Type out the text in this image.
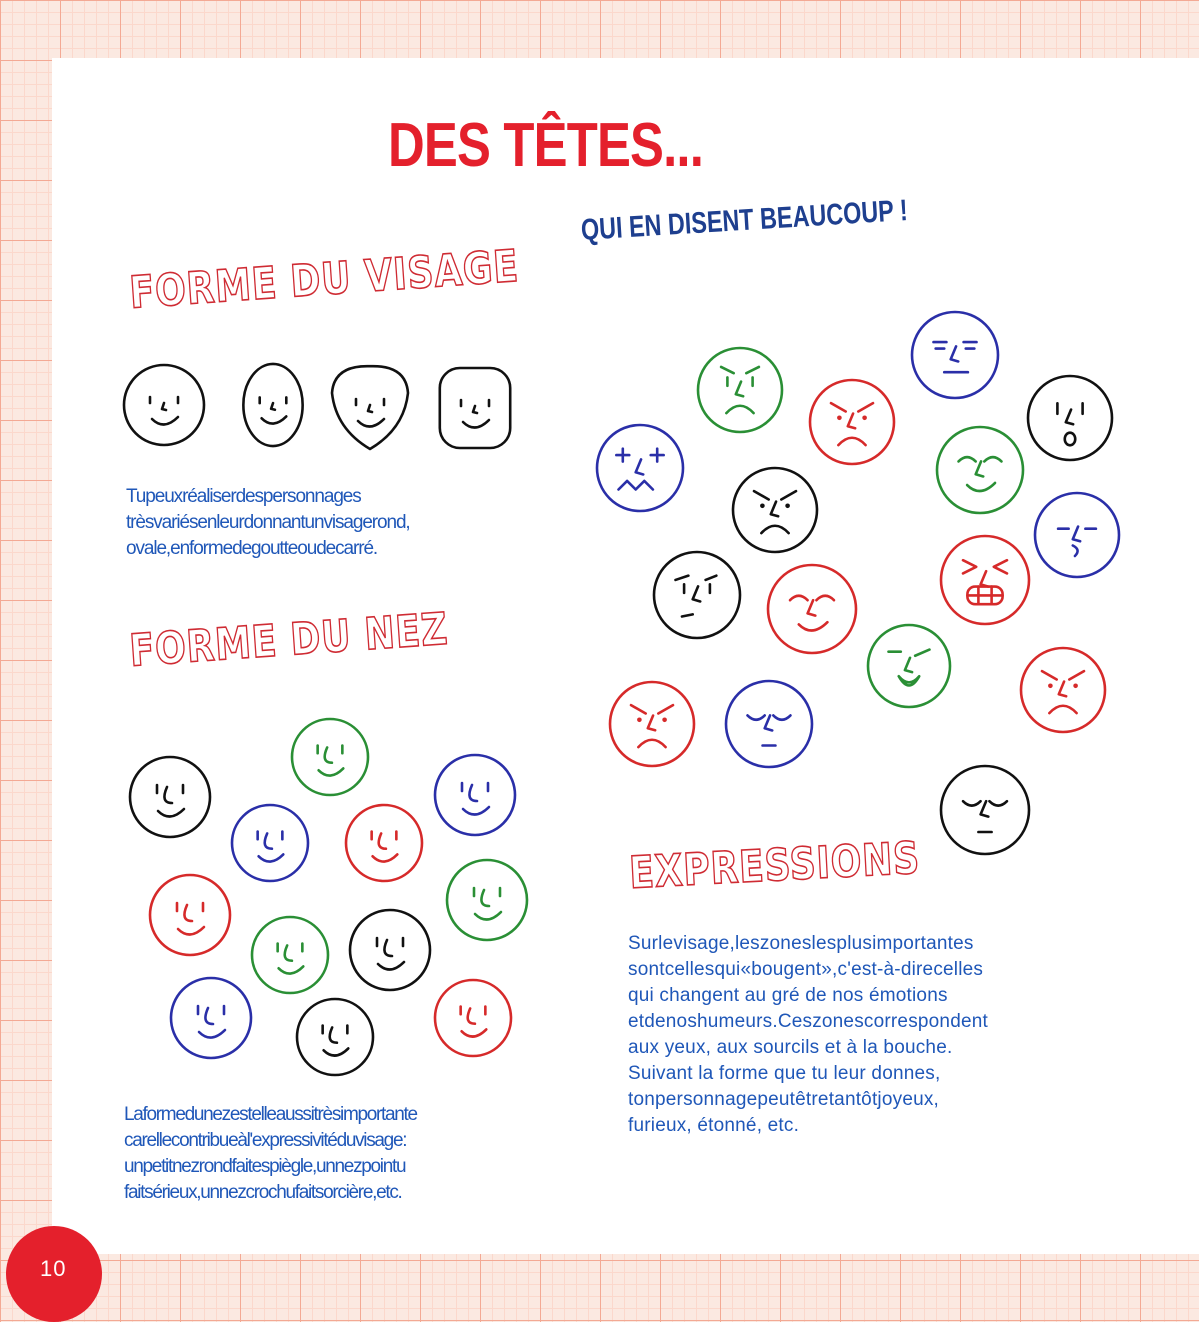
DES TÊTES...
QUI EN DISENT BEAUCOUP !
FORME DU VISAGE
FORME DU NEZ
EXPRESSIONS

Tupeuxréaliserdespersonnages
trèsvariésenleurdonnantunvisagerond,
ovale,enformedegoutteoudecarré.

Laformedunezestelleaussitrèsimportante
carellecontribueàl'expressivitéduvisage:
unpetitnezrondfaitespiègle,unnezpointu
faitsérieux,unnezcrochufaitsorcière,etc.

Surlevisage,leszoneslesplusimportantes
sontcellesqui«bougent»,c'est-à-direcelles
qui changent au gré de nos émotions
etdenoshumeurs.Ceszonescorrespondent
aux yeux, aux sourcils et à la bouche.
Suivant la forme que tu leur donnes,
tonpersonnagepeutêtretantôtjoyeux,
furieux, étonné, etc.

10
